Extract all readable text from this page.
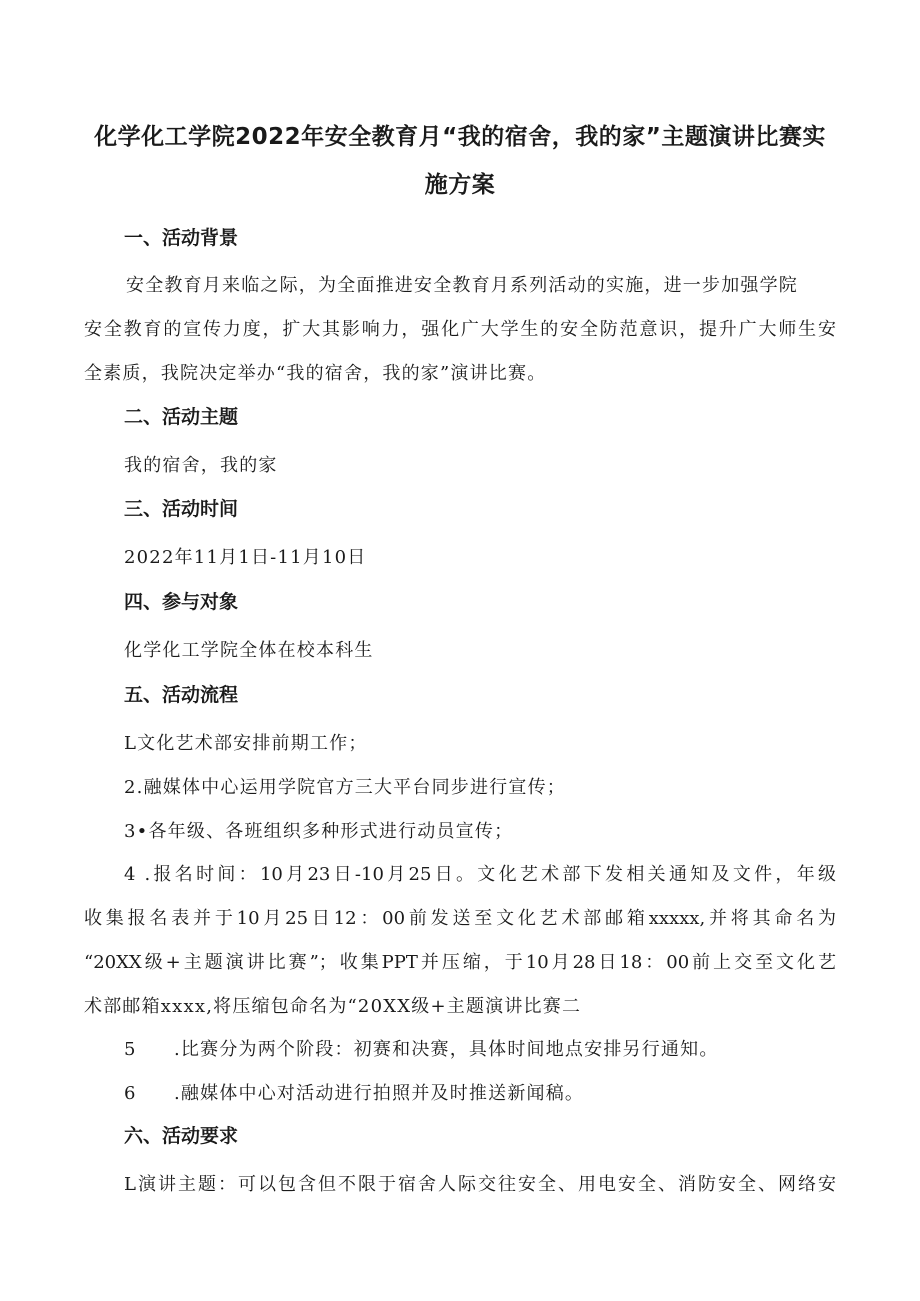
化学化工学院2022年安全教育月“我的宿舍，我的家”主题演讲比赛实
施方案
一、活动背景
安全教育月来临之际，为全面推进安全教育月系列活动的实施，进一步加强学院
安全教育的宣传力度，扩大其影响力，强化广大学生的安全防范意识，提升广大师生安
全素质，我院决定举办“我的宿舍，我的家”演讲比赛。
二、活动主题
我的宿舍，我的家
三、活动时间
2022年11月1日-11月10日
四、参与对象
化学化工学院全体在校本科生
五、活动流程
L文化艺术部安排前期工作；
2.融媒体中心运用学院官方三大平台同步进行宣传；
3•各年级、各班组织多种形式进行动员宣传；
4 .报名时间：10月23日-10月25日。文化艺术部下发相关通知及文件，年级
收集报名表并于10月25日12：00前发送至文化艺术部邮箱xxxxx,并将其命名为
“20XX级+主题演讲比赛”；收集PPT并压缩，于10月28日18：00前上交至文化艺
术部邮箱xxxx,将压缩包命名为“20XX级+主题演讲比赛二
5 .比赛分为两个阶段：初赛和决赛，具体时间地点安排另行通知。
6 .融媒体中心对活动进行拍照并及时推送新闻稿。
六、活动要求
L演讲主题：可以包含但不限于宿舍人际交往安全、用电安全、消防安全、网络安
